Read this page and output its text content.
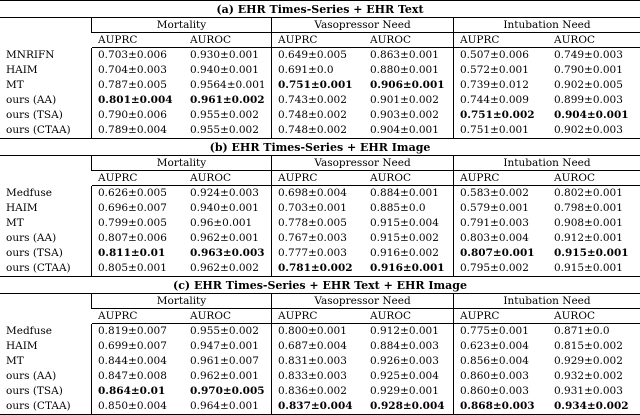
(a) EHR Times-Series + EHR Text
Mortality	Vasopressor Need	Intubation Need
AUPRC	AUROC	AUPRC	AUROC	AUPRC	AUROC
MNRIFN	0.703±0.006	0.930±0.001	0.649±0.005	0.863±0.001	0.507±0.006	0.749±0.003
HAIM	0.704±0.003	0.940±0.001	0.691±0.0	0.880±0.001	0.572±0.001	0.790±0.001
MT	0.787±0.005	0.9564±0.001	0.751±0.001	0.906±0.001	0.739±0.012	0.902±0.005
ours (AA)	0.801±0.004	0.961±0.002	0.743±0.002	0.901±0.002	0.744±0.009	0.899±0.003
ours (TSA)	0.790±0.006	0.955±0.002	0.748±0.002	0.903±0.002	0.751±0.002	0.904±0.001
ours (CTAA)	0.789±0.004	0.955±0.002	0.748±0.002	0.904±0.001	0.751±0.001	0.902±0.003
(b) EHR Times-Series + EHR Image
Mortality	Vasopressor Need	Intubation Need
AUPRC	AUROC	AUPRC	AUROC	AUPRC	AUROC
Medfuse	0.626±0.005	0.924±0.003	0.698±0.004	0.884±0.001	0.583±0.002	0.802±0.001
HAIM	0.696±0.007	0.940±0.001	0.703±0.001	0.885±0.0	0.579±0.001	0.798±0.001
MT	0.799±0.005	0.96±0.001	0.778±0.005	0.915±0.004	0.791±0.003	0.908±0.001
ours (AA)	0.807±0.006	0.962±0.001	0.767±0.003	0.915±0.002	0.803±0.004	0.912±0.001
ours (TSA)	0.811±0.01	0.963±0.003	0.777±0.003	0.916±0.002	0.807±0.001	0.915±0.001
ours (CTAA)	0.805±0.001	0.962±0.002	0.781±0.002	0.916±0.001	0.795±0.002	0.915±0.001
(c) EHR Times-Series + EHR Text + EHR Image
Mortality	Vasopressor Need	Intubation Need
AUPRC	AUROC	AUPRC	AUROC	AUPRC	AUROC
Medfuse	0.819±0.007	0.955±0.002	0.800±0.001	0.912±0.001	0.775±0.001	0.871±0.0
HAIM	0.699±0.007	0.947±0.001	0.687±0.004	0.884±0.003	0.623±0.004	0.815±0.002
MT	0.844±0.004	0.961±0.007	0.831±0.003	0.926±0.003	0.856±0.004	0.929±0.002
ours (AA)	0.847±0.008	0.962±0.001	0.833±0.003	0.925±0.004	0.860±0.003	0.932±0.002
ours (TSA)	0.864±0.01	0.970±0.005	0.836±0.002	0.929±0.001	0.860±0.003	0.931±0.003
ours (CTAA)	0.850±0.004	0.964±0.001	0.837±0.004	0.928±0.004	0.868±0.003	0.934±0.002
